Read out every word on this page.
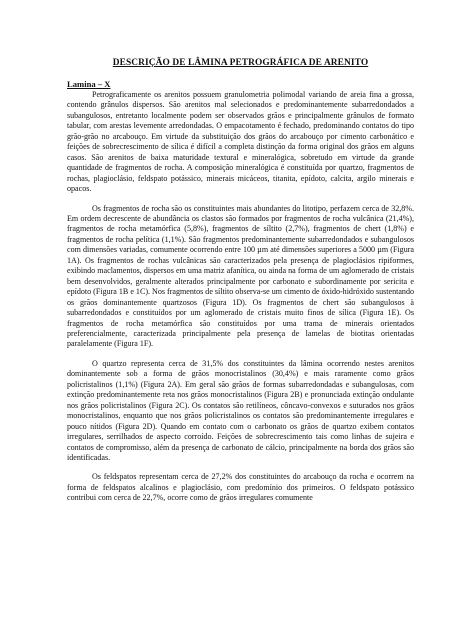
DESCRIÇÃO DE LÂMINA PETROGRÁFICA DE ARENITO
Lamina – X

Petrograficamente os arenitos possuem granulometria polimodal variando de areia fina a grossa, contendo grânulos dispersos. São arenitos mal selecionados e predominantemente subarredondados a subangulosos, entretanto localmente podem ser observados grãos e principalmente grânulos de formato tabular, com arestas levemente arredondadas. O empacotamento é fechado, predominando contatos do tipo grão-grão no arcabouço. Em virtude da substituição dos grãos do arcabouço por cimento carbonático e feições de sobrecrescimento de sílica é difícil a completa distinção da forma original dos grãos em alguns casos. São arenitos de baixa maturidade textural e mineralógica, sobretudo em virtude da grande quantidade de fragmentos de rocha. A composição mineralógica é constituída por quartzo, fragmentos de rochas, plagioclásio, feldspato potássico, minerais micáceos, titanita, epídoto, calcita, argilo minerais e opacos.

Os fragmentos de rocha são os constituintes mais abundantes do litotipo, perfazem cerca de 32,8%. Em ordem decrescente de abundância os clastos são formados por fragmentos de rocha vulcânica (21,4%), fragmentos de rocha metamórfica (5,8%), fragmentos de síltito (2,7%), fragmentos de chert (1,8%) e fragmentos de rocha pelítica (1,1%). São fragmentos predominantemente subarredondados e subangulosos com dimensões variadas, comumente ocorrendo entre 100 µm até dimensões superiores a 5000 µm (Figura 1A). Os fragmentos de rochas vulcânicas são caracterizados pela presença de plagioclásios ripiformes, exibindo maclamentos, dispersos em uma matriz afanítica, ou ainda na forma de um aglomerado de cristais bem desenvolvidos, geralmente alterados principalmente por carbonato e subordinamente por sericita e epídoto (Figura 1B e 1C). Nos fragmentos de síltito observa-se um cimento de óxido-hidróxido sustentando os grãos dominantemente quartzosos (Figura 1D). Os fragmentos de chert são subangulosos à subarredondados e constituídos por um aglomerado de cristais muito finos de sílica (Figura 1E). Os fragmentos de rocha metamórfica são constituídos por uma trama de minerais orientados preferencialmente, caracterizada principalmente pela presença de lamelas de biotitas orientadas paralelamente (Figura 1F).

O quartzo representa cerca de 31,5% dos constituintes da lâmina ocorrendo nestes arenitos dominantemente sob a forma de grãos monocristalinos (30,4%) e mais raramente como grãos policristalinos (1,1%) (Figura 2A). Em geral são grãos de formas subarredondadas e subangulosas, com extinção predominantemente reta nos grãos monocristalinos (Figura 2B) e pronunciada extinção ondulante nos grãos policristalinos (Figura 2C). Os contatos são retilíneos, côncavo-convexos e suturados nos grãos monocristalinos, enquanto que nos grãos policristalinos os contatos são predominantemente irregulares e pouco nítidos (Figura 2D). Quando em contato com o carbonato os grãos de quartzo exibem contatos irregulares, serrilhados de aspecto corroído. Feições de sobrecrescimento tais como linhas de sujeira e contatos de compromisso, além da presença de carbonato de cálcio, principalmente na borda dos grãos são identificadas.

Os feldspatos representam cerca de 27,2% dos constituintes do arcabouço da rocha e ocorrem na forma de feldspatos alcalinos e plagioclásio, com predomínio dos primeiros. O feldspato potássico contribui com cerca de 22,7%, ocorre como de grãos irregulares comumente
